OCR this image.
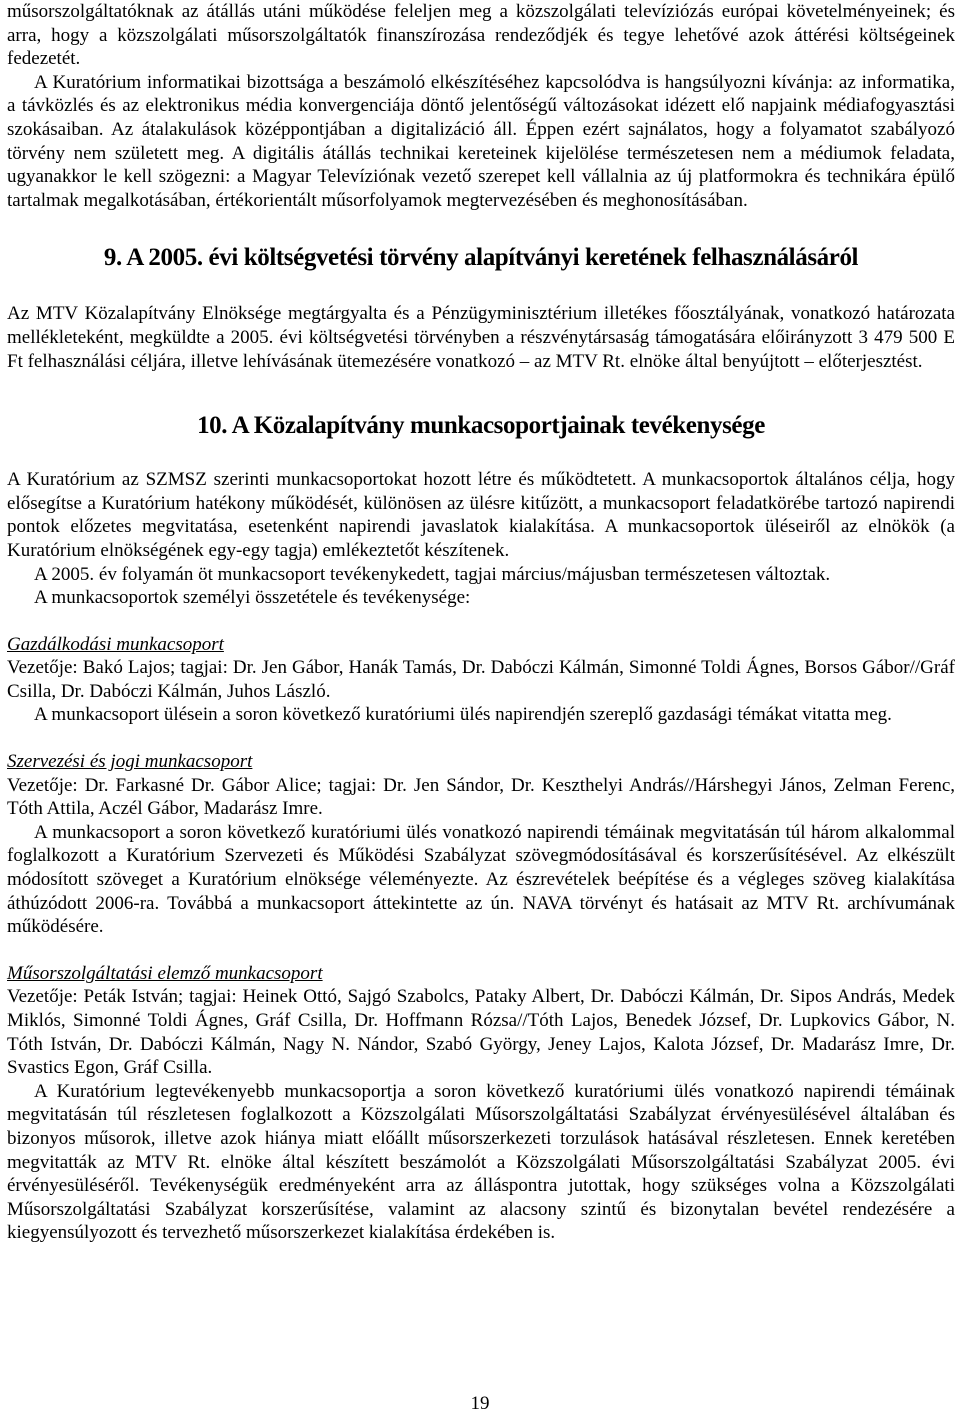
műsorszolgáltatóknak az átállás utáni működése feleljen meg a közszolgálati televíziózás európai követelményeinek; és arra, hogy a közszolgálati műsorszolgáltatók finanszírozása rendeződjék és tegye lehetővé azok áttérési költségeinek fedezetét.

A Kuratórium informatikai bizottsága a beszámoló elkészítéséhez kapcsolódva is hangsúlyozni kívánja: az informatika, a távközlés és az elektronikus média konvergenciája döntő jelentőségű változásokat idézett elő napjaink médiafogyasztási szokásaiban. Az átalakulások középpontjában a digitalizáció áll. Éppen ezért sajnálatos, hogy a folyamatot szabályozó törvény nem született meg. A digitális átállás technikai kereteinek kijelölése természetesen nem a médiumok feladata, ugyanakkor le kell szögezni: a Magyar Televíziónak vezető szerepet kell vállalnia az új platformokra és technikára épülő tartalmak megalkotásában, értékorientált műsorfolyamok megtervezésében és meghonosításában.

9. A 2005. évi költségvetési törvény alapítványi keretének felhasználásáról

Az MTV Közalapítvány Elnöksége megtárgyalta és a Pénzügyminisztérium illetékes főosztályának, vonatkozó határozata mellékleteként, megküldte a 2005. évi költségvetési törvényben a részvénytársaság támogatására előirányzott 3 479 500 E Ft felhasználási céljára, illetve lehívásának ütemezésére vonatkozó – az MTV Rt. elnöke által benyújtott – előterjesztést.

10. A Közalapítvány munkacsoportjainak tevékenysége

A Kuratórium az SZMSZ szerinti munkacsoportokat hozott létre és működtetett. A munkacsoportok általános célja, hogy elősegítse a Kuratórium hatékony működését, különösen az ülésre kitűzött, a munkacsoport feladatkörébe tartozó napirendi pontok előzetes megvitatása, esetenként napirendi javaslatok kialakítása. A munkacsoportok üléseiről az elnökök (a Kuratórium elnökségének egy-egy tagja) emlékeztetőt készítenek.

A 2005. év folyamán öt munkacsoport tevékenykedett, tagjai március/májusban természetesen változtak.

A munkacsoportok személyi összetétele és tevékenysége:

Gazdálkodási munkacsoport

Vezetője: Bakó Lajos; tagjai: Dr. Jen Gábor, Hanák Tamás, Dr. Dabóczi Kálmán, Simonné Toldi Ágnes, Borsos Gábor//Gráf Csilla, Dr. Dabóczi Kálmán, Juhos László.

A munkacsoport ülésein a soron következő kuratóriumi ülés napirendjén szereplő gazdasági témákat vitatta meg.

Szervezési és jogi munkacsoport

Vezetője: Dr. Farkasné Dr. Gábor Alice; tagjai: Dr. Jen Sándor, Dr. Keszthelyi András//Hárshegyi János, Zelman Ferenc, Tóth Attila, Aczél Gábor, Madarász Imre.

A munkacsoport a soron következő kuratóriumi ülés vonatkozó napirendi témáinak megvitatásán túl három alkalommal foglalkozott a Kuratórium Szervezeti és Működési Szabályzat szövegmódosításával és korszerűsítésével. Az elkészült módosított szöveget a Kuratórium elnöksége véleményezte. Az észrevételek beépítése és a végleges szöveg kialakítása áthúzódott 2006-ra. Továbbá a munkacsoport áttekintette az ún. NAVA törvényt és hatásait az MTV Rt. archívumának működésére.

Műsorszolgáltatási elemző munkacsoport

Vezetője: Peták István; tagjai: Heinek Ottó, Sajgó Szabolcs, Pataky Albert, Dr. Dabóczi Kálmán, Dr. Sipos András, Medek Miklós, Simonné Toldi Ágnes, Gráf Csilla, Dr. Hoffmann Rózsa//Tóth Lajos, Benedek József, Dr. Lupkovics Gábor, N. Tóth István, Dr. Dabóczi Kálmán, Nagy N. Nándor, Szabó György, Jeney Lajos, Kalota József, Dr. Madarász Imre, Dr. Svastics Egon, Gráf Csilla.

A Kuratórium legtevékenyebb munkacsoportja a soron következő kuratóriumi ülés vonatkozó napirendi témáinak megvitatásán túl részletesen foglalkozott a Közszolgálati Műsorszolgáltatási Szabályzat érvényesülésével általában és bizonyos műsorok, illetve azok hiánya miatt előállt műsorszerkezeti torzulások hatásával részletesen. Ennek keretében megvitatták az MTV Rt. elnöke által készített beszámolót a Közszolgálati Műsorszolgáltatási Szabályzat 2005. évi érvényesüléséről. Tevékenységük eredményeként arra az álláspontra jutottak, hogy szükséges volna a Közszolgálati Műsorszolgáltatási Szabályzat korszerűsítése, valamint az alacsony szintű és bizonytalan bevétel rendezésére a kiegyensúlyozott és tervezhető műsorszerkezet kialakítása érdekében is.

19
